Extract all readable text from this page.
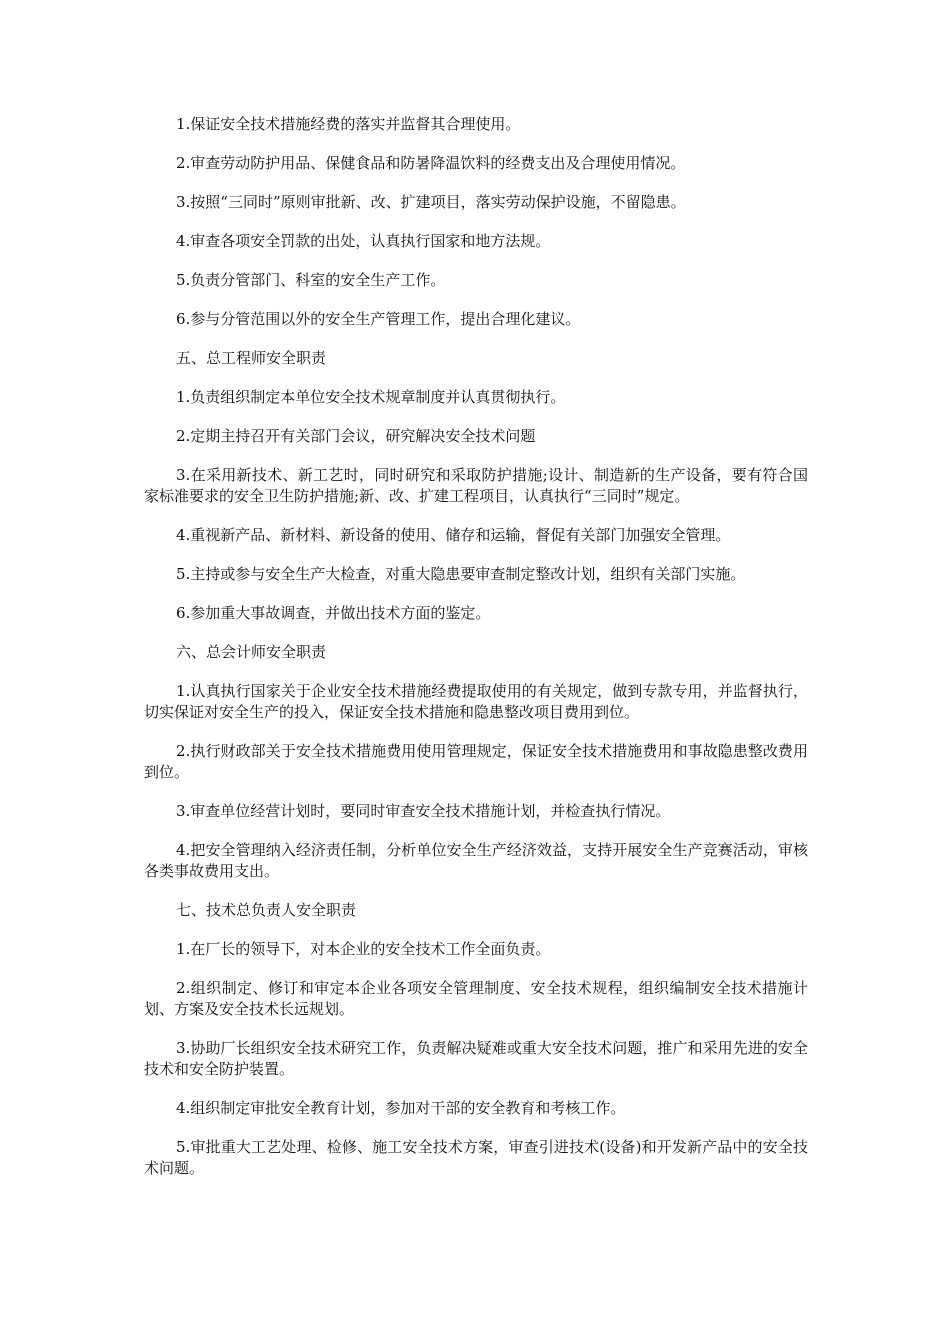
1.保证安全技术措施经费的落实并监督其合理使用。

2.审查劳动防护用品、保健食品和防暑降温饮料的经费支出及合理使用情况。

3.按照“三同时”原则审批新、改、扩建项目，落实劳动保护设施，不留隐患。

4.审查各项安全罚款的出处，认真执行国家和地方法规。

5.负责分管部门、科室的安全生产工作。

6.参与分管范围以外的安全生产管理工作，提出合理化建议。

五、总工程师安全职责

1.负责组织制定本单位安全技术规章制度并认真贯彻执行。

2.定期主持召开有关部门会议，研究解决安全技术问题

3.在采用新技术、新工艺时，同时研究和采取防护措施;设计、制造新的生产设备，要有符合国家标准要求的安全卫生防护措施;新、改、扩建工程项目，认真执行“三同时”规定。

4.重视新产品、新材料、新设备的使用、储存和运输，督促有关部门加强安全管理。

5.主持或参与安全生产大检查，对重大隐患要审查制定整改计划，组织有关部门实施。

6.参加重大事故调查，并做出技术方面的鉴定。

六、总会计师安全职责

1.认真执行国家关于企业安全技术措施经费提取使用的有关规定，做到专款专用，并监督执行，切实保证对安全生产的投入，保证安全技术措施和隐患整改项目费用到位。

2.执行财政部关于安全技术措施费用使用管理规定，保证安全技术措施费用和事故隐患整改费用到位。

3.审查单位经营计划时，要同时审查安全技术措施计划，并检查执行情况。

4.把安全管理纳入经济责任制，分析单位安全生产经济效益，支持开展安全生产竞赛活动，审核各类事故费用支出。

七、技术总负责人安全职责

1.在厂长的领导下，对本企业的安全技术工作全面负责。

2.组织制定、修订和审定本企业各项安全管理制度、安全技术规程，组织编制安全技术措施计划、方案及安全技术长远规划。

3.协助厂长组织安全技术研究工作，负责解决疑难或重大安全技术问题，推广和采用先进的安全技术和安全防护装置。

4.组织制定审批安全教育计划，参加对干部的安全教育和考核工作。

5.审批重大工艺处理、检修、施工安全技术方案，审查引进技术(设备)和开发新产品中的安全技术问题。
